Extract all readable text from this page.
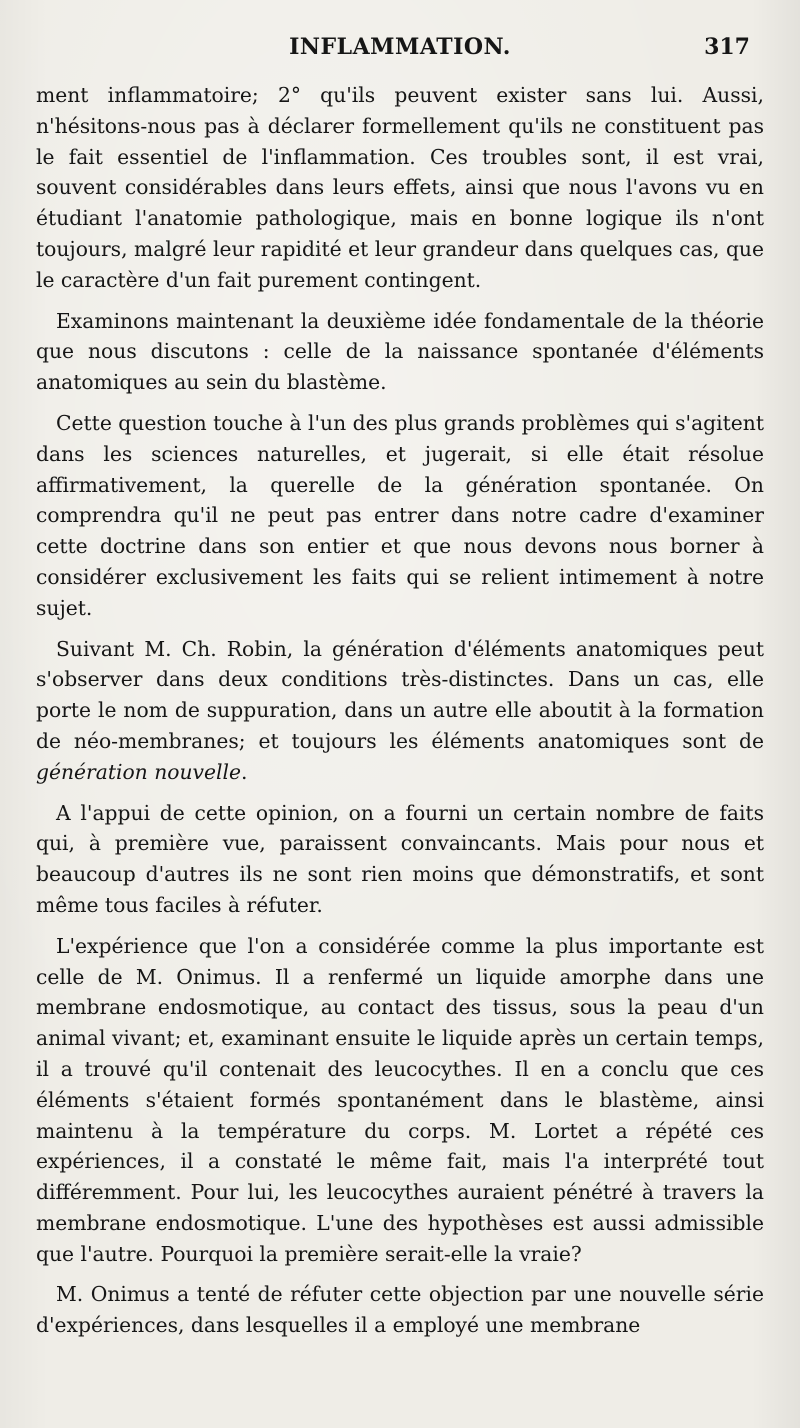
INFLAMMATION.	317

ment inflammatoire; 2° qu'ils peuvent exister sans lui. Aussi, n'hésitons-nous pas à déclarer formellement qu'ils ne constituent pas le fait essentiel de l'inflammation. Ces troubles sont, il est vrai, souvent considérables dans leurs effets, ainsi que nous l'avons vu en étudiant l'anatomie pathologique, mais en bonne logique ils n'ont toujours, malgré leur rapidité et leur grandeur dans quelques cas, que le caractère d'un fait purement contingent.

Examinons maintenant la deuxième idée fondamentale de la théorie que nous discutons : celle de la naissance spontanée d'éléments anatomiques au sein du blastème.

Cette question touche à l'un des plus grands problèmes qui s'agitent dans les sciences naturelles, et jugerait, si elle était résolue affirmativement, la querelle de la génération spontanée. On comprendra qu'il ne peut pas entrer dans notre cadre d'examiner cette doctrine dans son entier et que nous devons nous borner à considérer exclusivement les faits qui se relient intimement à notre sujet.

Suivant M. Ch. Robin, la génération d'éléments anatomiques peut s'observer dans deux conditions très-distinctes. Dans un cas, elle porte le nom de suppuration, dans un autre elle aboutit à la formation de néo-membranes; et toujours les éléments anatomiques sont de génération nouvelle.

A l'appui de cette opinion, on a fourni un certain nombre de faits qui, à première vue, paraissent convaincants. Mais pour nous et beaucoup d'autres ils ne sont rien moins que démonstratifs, et sont même tous faciles à réfuter.

L'expérience que l'on a considérée comme la plus importante est celle de M. Onimus. Il a renfermé un liquide amorphe dans une membrane endosmotique, au contact des tissus, sous la peau d'un animal vivant; et, examinant ensuite le liquide après un certain temps, il a trouvé qu'il contenait des leucocythes. Il en a conclu que ces éléments s'étaient formés spontanément dans le blastème, ainsi maintenu à la température du corps. M. Lortet a répété ces expériences, il a constaté le même fait, mais l'a interprété tout différemment. Pour lui, les leucocythes auraient pénétré à travers la membrane endosmotique. L'une des hypothèses est aussi admissible que l'autre. Pourquoi la première serait-elle la vraie?

M. Onimus a tenté de réfuter cette objection par une nouvelle série d'expériences, dans lesquelles il a employé une membrane
